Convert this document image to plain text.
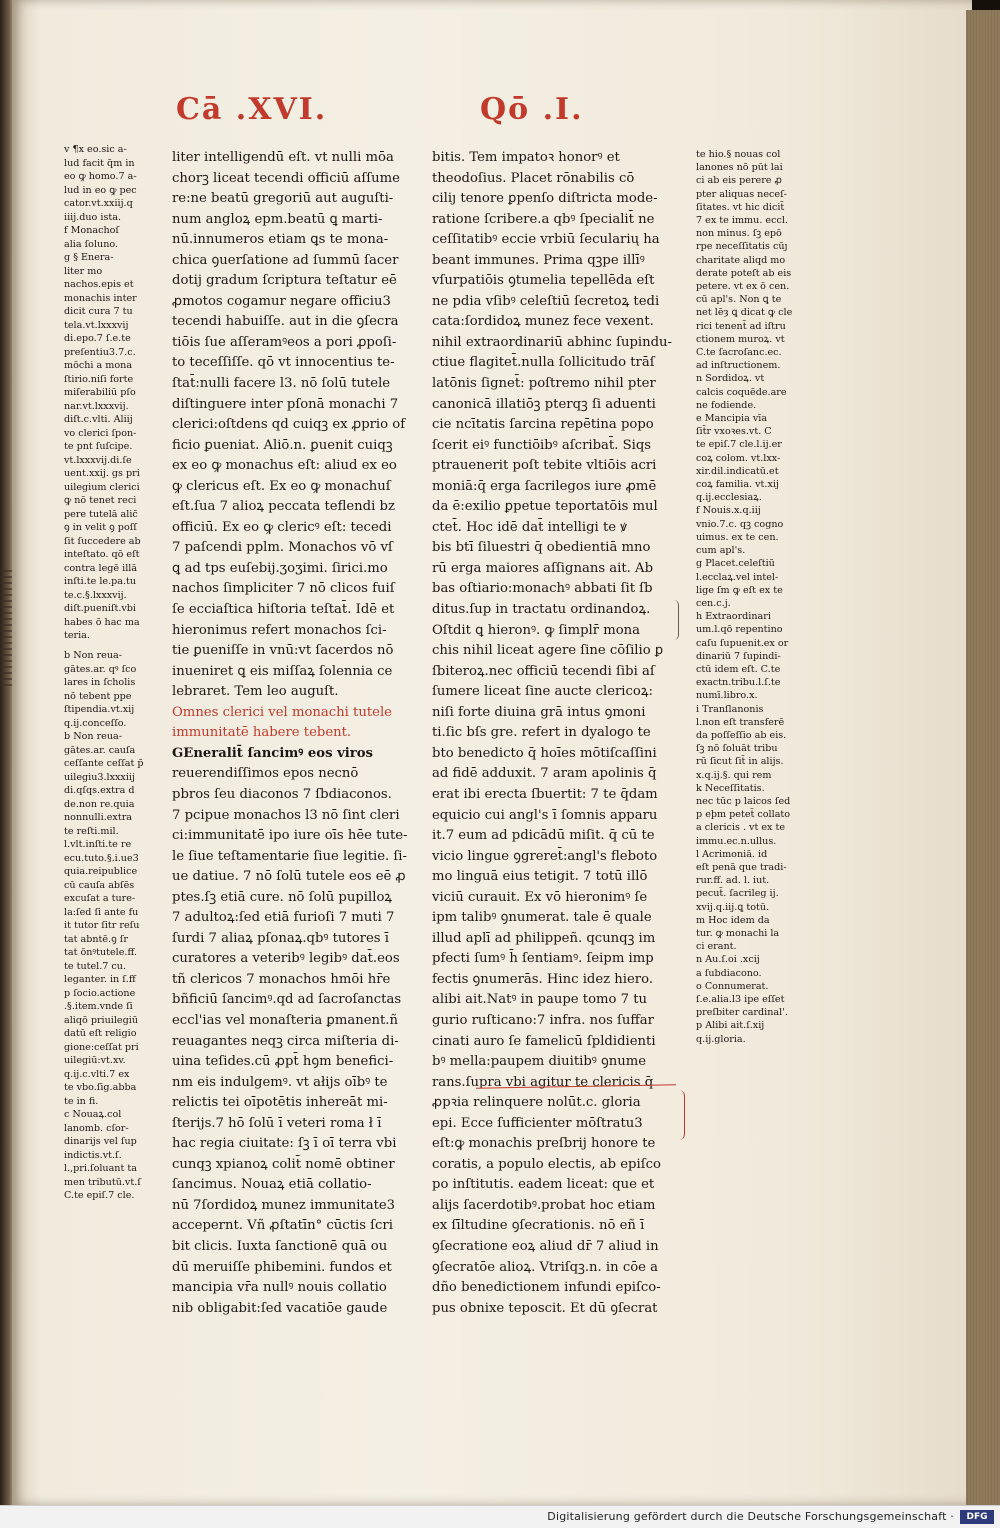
Cā .XVI.	Qō .I.

v ¶x eo.sic a-

lud facit q̄m in

eo ꝙ homo.7 a-

lud in eo ꝙ pec

cator.vt.xxiij.q

iiij.duo ista.

f Monachoſ

alia ſoluno.

g § Enera-

liter mo

nachos.epis et

monachis inter

dicit cura 7 tu

tela.vt.lxxxvij

di.epo.7 ſ.e.te

preſentiu3.7.c.

mōchi a mona

ſtirio.niſi forte

miſerabiliū pſo

nar.vt.lxxxvij.

diſt.c.vlti. Aliij

vo clerici ſpon-

te pnt ſuſcipe.

vt.lxxxvij.di.ſe

uent.xxij. gs pri

uilegium clerici

ꝙ nō tenet̄ reci

pere tutelā alic̄

ꝯ in velit ꝯ poſſ

ſit ſuccedere ab

inteſtato. qō eſt

contra legē illā

inſti.te le.pa.tu

te.c.§.lxxxvij.

diſt.pueniſt.vbi

habes ō hac ma

teria.

b Non reua-

gātes.ar. qꝰ ſco

lares in ſcholis

nō tebent ppe

ſtipendia.vt.xij

q.ij.conceſſo.

b Non reua-

gātes.ar. cauſa

ceſſante ceſſat p̄

uilegiu3.lxxxiij

di.qſqs.extra d

de.non re.quia

nonnulli.extra

te reſti.mil.

l.vlt.inſti.te re

ecu.tuto.§.i.ue3

quia.reipublice

cū cauſa abſēs

excuſat̄ a ture-

la:ſed ſi ante fu

it tutor ſit̄r reſu

tat ab̄ntē.ꝯ ſ̄r

tat ōnꝰtutele.ff.

te tutel.7 cu.

leganter. in ſ.ff

p ſocio.actione

.§.item.vnde ſi

aliqō priuilegiū

datū eſt religio

gione:ceſſat pri

uilegiū:vt.xv.

q.ij.c.vlti.7 ex

te vbo.ſig.abba

te in fi.

c Nouaꝝ.col

lanomb. cſor-

dinarijs vel ſup

indictis.vt.ſ.

l.,pri.ſoluant ta

men tributū.vt.ſ

C.te epiſ.7 cle.

liter intelligendū eſt. vt nulli mōa

chorꝫ liceat tecendi officiū aſſume

re:ne beatū gregoriū aut auguſti-

num angloꝝ epm.beatū ꝗ marti-

nū.innumeros etiam ꝗs te mona-

chica ꝯuerſatione ad ſummū ſacer

dotij gradum ſcriptura teſtatur eē

ꝓmotos cogamur negare officiu3

tecendi habuiſſe. aut in die ꝯſecra

tiōis ſue aſſeramꝰeos a pori ꝓpoſi-

to teceſſiſſe. qō vt innocentius te-

ſtat̄:nulli facere l3. nō ſolū tutele

diſtinguere inter pſonā monachi 7

clerici:oſtdens qd cuiqꝫ ex ꝓprio of

ficio ꝑueniat. Aliō.n. ꝑuenit cuiqꝫ

ex eo ꝙ monachus eſt: aliud ex eo

ꝙ clericus eſt. Ex eo ꝙ monachuſ

eſt.ſua 7 alioꝝ peccata teflendi bz

officiū. Ex eo ꝙ clericꝰ eſt: tecedi

7 paſcendi pplm. Monachos vō vſ

ꝗ ad tps euſebij.ʒoʒimi. ſirici.mo

nachos ſimpliciter 7 nō clicos fuiſ

ſe ecciaſtica hiſtoria teſtat̄. Idē et

hieronimus refert monachos ſci-

tie ꝑueniſſe in vnū:vt ſacerdos nō

inueniret ꝗ eis miſſaꝝ ſolennia ce

lebraret. Tem leo auguſt.

Omnes clerici vel monachi tutele

immunitatē habere tebent.

GEneralit̄ ſancimꝰ eos viros

reuerendiſſimos epos necnō

pbros ſeu diaconos 7 ſbdiaconos.

7 pcipue monachos l3 nō ſint cleri

ci:immunitatē ipo iure oīs hēe tute-

le ſiue teſtamentarie ſiue legitie. ſi-

ue datiue. 7 nō ſolū tutele eos eē ꝓ

ptes.ſꝫ etiā cure. nō ſolū pupilloꝝ

7 adultoꝝ:ſed etiā furioſi 7 muti 7

ſurdi 7 aliaꝝ pſonaꝝ.qbꝰ tutores ī

curatores a veteribꝰ legibꝰ dat̄.eos

tñ clericos 7 monachos hmōi hr̄e

bñficiū ſancimꝰ.qd ad ſacroſanctas

eccl'ias vel monaſteria ꝑmanent.ñ

reuagantes neqꝫ circa miſteria di-

uina teſides.cū ꝓpt̄ hꝯm benefici-

nm eis indulgemꝰ. vt ałijs oībꝰ te

relictis tei oīpotētis inhereāt mi-

ſterijs.7 hō ſolū ī veteri roma ł ī

hac regia ciuitate: ſꝫ ī oī terra vbi

cunqꝫ xpianoꝝ colit̄ nomē obtiner

ſancimus. Nouaꝝ etiā collatio-

nū 7ſordidoꝝ munez immunitate3

accepernt. Vñ ꝓſtatīn° cūctis ſcri

bit clicis. Iuxta ſanctionē quā ou

dū meruiſſe phibemini. fundos et

mancipia vr̄a nullꝰ nouis collatio

nib obligabit:ſed vacatiōe gaude

bitis. Tem impatoꝛ honorꝰ et

theodoſius. Placet rōnabilis cō

ciliȷ tenore ꝑpenſo diſtricta mode-

ratione ſcribere.a qbꝰ ſpecialit̄ ne

ceſſitatibꝰ eccie vrbiū ſecularių ha

beant immunes. Prima qꝫpe illīꝰ

vſurpatiōis ꝯtumelia tepellēda eſt

ne pdia vſibꝰ celeſtiū ſecretoꝝ tedi

cata:ſordidoꝝ munez fece vexent.

nihil extraordinariū abhinc ſupindu-

ctiue flagitet̄.nulla ſollicitudo trāſ

latōnis ſignet̄: poſtremo nihil pter

canonicā illatiōꝫ pterqꝫ ſi aduenti

cie ncītatis ſarcina repētina popo

ſcerit eiꝰ functiōibꝰ aſcribat̄. Siqs

ptrauenerit poſt tebite vltiōis acri

moniā:q̄ erga ſacrilegos iure ꝓmē

da ē:exilio ꝑpetue teportatōis mul

ctet̄. Hoc idē dat̄ intelligi te ꝟ

bis btī ſiluestri q̄ obedientiā mno

rū erga maiores aſſignans ait. Ab

bas oſtiario:monachꝰ abbati ſit ſb

ditus.ſup in tractatu ordinandoꝝ.

Oſtdit ꝗ hieronꝰ. ꝙ ſimplr̄ mona

chis nihil liceat agere ſine cōſilio ꝑ

ſbiteroꝝ.nec officiū tecendi ſibi aſ

ſumere liceat ſine aucte clericoꝝ:

niſi forte diuina grā intus ꝯmoni

ti.ſic bſs gre. refert in dyalogo te

bto benedicto q̄ hoīes mōtiſcaſſini

ad fidē adduxit. 7 aram apolinis q̄

erat ibi erecta ſbuertit: 7 te q̄dam

equicio cui angl's ī ſomnis apparu

it.7 eum ad pdicādū miſit. q̄ cū te

vicio lingue ꝯgreret̄:angl's fleboto

mo linguā eius tetigit. 7 totū illō

viciū curauit. Ex vō hieronimꝰ ſe

ipm talibꝰ ꝯnumerat. tale ē quale

illud aplī ad philippeñ. qcunqꝫ im

pfecti ſumꝰ h̄ ſentiamꝰ. ſeipm imp

fectis ꝯnumerās. Hinc idez hiero.

alibi ait.Natꝰ in paupe tomo 7 tu

gurio ruſticano:7 infra. nos ſuffar

cinati auro ſe famelicū ſpldidienti

bꝰ mella:paupem diuitibꝰ ꝯnume

rans.ſupra vbi agitur te clericis q̄

ꝓpꝛia relinquere nolūt.c. gloria

epi. Ecce ſufficienter mōſtratu3

eſt:ꝙ monachis preſbrij honore te

coratis, a populo electis, ab epiſco

po inſtitutis. eadem liceat: que et

alijs ſacerdotibꝰ.probat hoc etiam

ex ſīltudine ꝯſecrationis. nō eñ ī

ꝯſecratione eoꝝ aliud dr̄ 7 aliud in

ꝯſecratōe alioꝝ. Vtriſqꝫ.n. in cōe a

dño benedictionem infundi epiſco-

pus obnixe teposcit. Et dū ꝯſecrat

te hio.§ nouas col

lanones nō pūt lai

ci ab eis perere ꝓ

pter aliquas neceſ-

ſitates. vt hic dicit̄

7 ex te immu. eccl.

non minus. ſꝫ epō

rpe neceſſitatis cūȷ

charitate aliqd mo

derate poteſt ab eis

petere. vt ex ō cen.

cū apl's. Non ꝗ te

net lēȝ ꝗ dicat ꝙ cle

rici tenent̄ ad iſtru

ctionem muroꝝ. vt

C.te ſacroſanc.ec.

ad inſtructionem.

n Sordidoꝝ. vt

calcis coquēde.are

ne fodiende.

e Mancipia vīa

ſit̄r vxoꝛes.vt. C

te epiſ.7 cle.l.ij.er

coꝝ colom. vt.lxx-

xir.dil.indicatū.et

coꝝ familia. vt.xij

q.ij.ecclesiaꝝ.

f Nouis.x.q.iij

vnio.7.c. qꝫ cogno

uimus. ex te cen.

cum apl's.

g Placet.celeſtiū

l.ecclaꝝ.vel intel-

lige ſm ꝙ eſt ex te

cen.c.j.

h Extraordinari

um.l.qō repentino

caſu ſupuenit.ex or

dinariū 7 ſupindi-

ctū idem eſt. C.te

exactn.tribu.l.ſ.te

numī.libro.x.

i Tranſlanonis

l.non eſt transferē

da poſſeſſio ab eis.

ſꝫ nō ſoluāt tribu

rū ſicut ſit̄ in alijs.

x.q.ij.§. qui rem

k Neceſſitatis.

nec tūc p laicos ſed

p eþm petet̄ collato

a clericis . vt ex te

immu.ec.n.ullus.

l Acrimoniā. id

eſt penā que tradi-

rur.ff. ad. l. iut.

pecut̄. ſacrileg ij.

xvij.q.iij.ꝗ totū.

m Hoc idem da

tur. ꝙ monachi la

ci erant.

n Au.ſ.oi .xcij

a ſubdiacono.

o Connumerat.

ſ.e.alia.l3 ipe eſſet

preſbiter cardinal'.

p Alibi ait.ſ.xij

q.ij.gloria.

Digitalisierung gefördert durch die Deutsche Forschungsgemeinschaft ·	DFG
